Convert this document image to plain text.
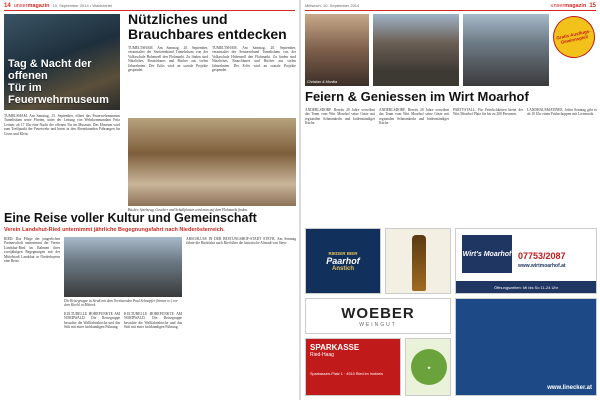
14 unsermagazin 10. September 2014 • Waldviertel
Tag & Nacht der offenen
Tür im Feuerwehrmuseum
TUMELSHAM. Am Samstag, 13. September, öffnet das Feuerwehrmuseum Tumeltsham seine Pforten, unter der Leitung von Wehrkommandant Fritz Leitner, ab 17 Uhr eine Nacht der offenen Tür im Museum. Das Museum wird zum Treffpunkt der Feuerwehr und bietet in den Abendstunden Führungen für Gross und Klein.
Nützliches und
Brauchbares entdecken
TUMELTSHAM. Am Samstag, 20. September, veranstaltet der Seniorenbund Tumeltsham von der Volksschule Hohenzell den Flohmarkt. Zu finden sind Nützliches, Brauchbares und Bücher aus vielen Jahrzehnten. Der Erlös wird an soziale Projekte gespendet.
TUMELTSHAM. Am Samstag, 20. September, veranstaltet der Seniorenbund Tumeltsham von der Volksschule Hohenzell den Flohmarkt. Zu finden sind Nützliches, Brauchbares und Bücher aus vielen Jahrzehnten. Der Erlös wird an soziale Projekte gespendet.
Bücher, Spielzeug, Geschirr und Schallplatten wird man auf dem Flohmarkt finden.
Eine Reise voller Kultur und Gemeinschaft
Verein Landshut-Ried unternimmt jährliche Begegnungsfahrt nach Niederösterreich.
RIED. Das Pflege der jungerlichen Partnerschaft unternimmt der Verein Landshut-Ried im Rahmen ihrer zweijährigen Begegnungen mit der Mittelstadt Landshut in Niederbayern eine Reise.
Die Reisegruppe in Straß mit dem Vorsitzenden Paul Schnöpfer (hinten re.) vor dem Kirchl in Mitterh.
KULTURELLE HÖHEPUNKTE AM NORDWALD. Die Reisegruppe besuchte die Wallfahrtskirche und das Stift mit einer fachkundigen Führung.
KULTURELLE HÖHEPUNKTE AM NORDWALD. Die Reisegruppe besuchte die Wallfahrtskirche und das Stift mit einer fachkundigen Führung.
ABSCHLUSS IN DER BESTUNGSHOF-STADT STEYR. Am Sonntag führte die Rückfahrt nach Ried über die historische Altstadt von Steyr.
Mittwoch, 10. September 2014	unsermagazin 15
Gratis Ausflugs-Gewinnspiel!
Christian & Monika
Feiern & Geniessen im Wirt Moarhof
ANDERLSDORF. Bereits 20 Jahre verwöhnt das Team vom Wirt Moarhof seine Gäste mit regionalen Schmankerln und bodenständiger Küche.
ANDERLSDORF. Bereits 20 Jahre verwöhnt das Team vom Wirt Moarhof seine Gäste mit regionalen Schmankerln und bodenständiger Küche.
PARTYSTALL. Für Feierlichkeiten bietet der Wirt Moarhof Platz für bis zu 200 Personen.
LANDHAUSMATINEE. Jeden Sonntag gibt es ab 10 Uhr einen Frühschoppen mit Livemusik.
RIEDER BIER
Paarhof
Anstich
Wirt's Moarhof 07753/2087
www.wirtmoarhof.at
Öffnungszeiten: Mi bis So 11-24 Uhr
WOEBER
WEINGUT
SPARKASSE
Ried-Haag
Sparkassen-Platz 1 · 4910 Ried im Innkreis
★
www.linecker.at
